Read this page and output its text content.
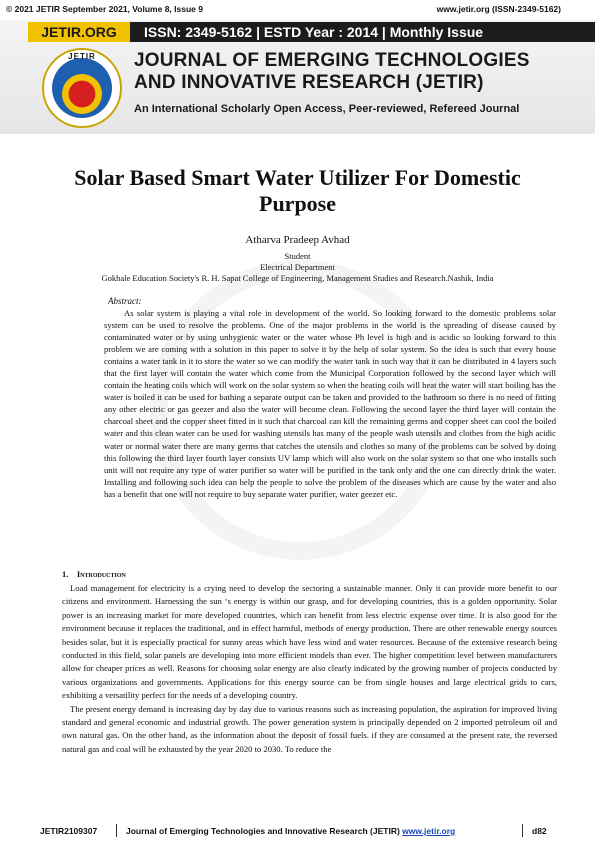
© 2021 JETIR September 2021, Volume 8, Issue 9	www.jetir.org (ISSN-2349-5162)
JETIR.ORG	ISSN: 2349-5162 | ESTD Year : 2014 | Monthly Issue
JETIR	JOURNAL OF EMERGING TECHNOLOGIES AND INNOVATIVE RESEARCH (JETIR)
An International Scholarly Open Access, Peer-reviewed, Refereed Journal
Solar Based Smart Water Utilizer For Domestic Purpose
Atharva Pradeep Avhad
Student
Electrical Department
Gokhale Education Society's R. H. Sapat College of Engineering, Management Studies and Research.Nashik, India
Abstract:
As solar system is playing a vital role in development of the world. So looking forward to the domestic problems solar system can be used to resolve the problems. One of the major problems in the world is the spreading of disease caused by contaminated water or by using unhygienic water or the water whose Ph level is high and is acidic so looking forward to this problem we are coming with a solution in this paper to solve it by the help of solar system. So the idea is such that every house contains a water tank in it to store the water so we can modify the water tank in such way that it can be distributed in 4 layers such that the first layer will contain the water which come from the Municipal Corporation followed by the second layer which will contain the heating coils which will work on the solar system so when the heating coils will heat the water will start boiling has the water is boiled it can be used for bathing a separate output can be taken and provided to the bathroom so there is no need of fitting any other electric or gas geezer and also the water will become clean. Following the second layer the third layer will contain the charcoal sheet and the copper sheet fitted in it such that charcoal can kill the remaining germs and copper sheet can cool the boiled water and this clean water can be used for washing utensils has many of the people wash utensils and clothes from the high acidic water or normal water there are many germs that catches the utensils and clothes so many of the problems can be solved by doing this following the third layer fourth layer consists UV lamp which will also work on the solar system so that one who installs such unit will not require any type of water purifier so water will be purified in the tank only and the one can directly drink the water. Installing and following such idea can help the people to solve the problem of the diseases which are cause by the water and also has a benefit that one will not require to buy separate water purifier, water geezer etc.
1. Introduction

Load management for electricity is a crying need to develop the sectoring a sustainable manner. Only it can provide more benefit to our citizens and environment. Harnessing the sun ‘s energy is within our grasp, and for developing countries, this is a golden opportunity. Solar power is an increasing market for more developed countries, which can benefit from less electric expense over time. It is also good for the environment because it replaces the traditional, and in effect harmful, methods of energy production. There are other renewable energy sources besides solar, but it is especially practical for sunny areas which have less wind and water resources. Because of the extensive research being conducted in this field, solar panels are developing into more efficient models than ever. The higher competition level between manufacturers allow for cheaper prices as well. Reasons for choosing solar energy are also clearly indicated by the growing number of projects conducted by various organizations and governments. Applications for this energy source can be from single houses and large electrical grids to cars, exhibiting a versatility perfect for the needs of a developing country.

The present energy demand is increasing day by day due to various reasons such as increasing population, the aspiration for improved living standard and general economic and industrial growth. The power generation system is principally depended on 2 imported petroleum oil and own natural gas. On the other hand, as the information about the deposit of fossil fuels. if they are consumed at the present rate, the reversed natural gas and coal will be exhausted by the year 2020 to 2030. To reduce the

JETIR2109307	Journal of Emerging Technologies and Innovative Research (JETIR) www.jetir.org	d82
